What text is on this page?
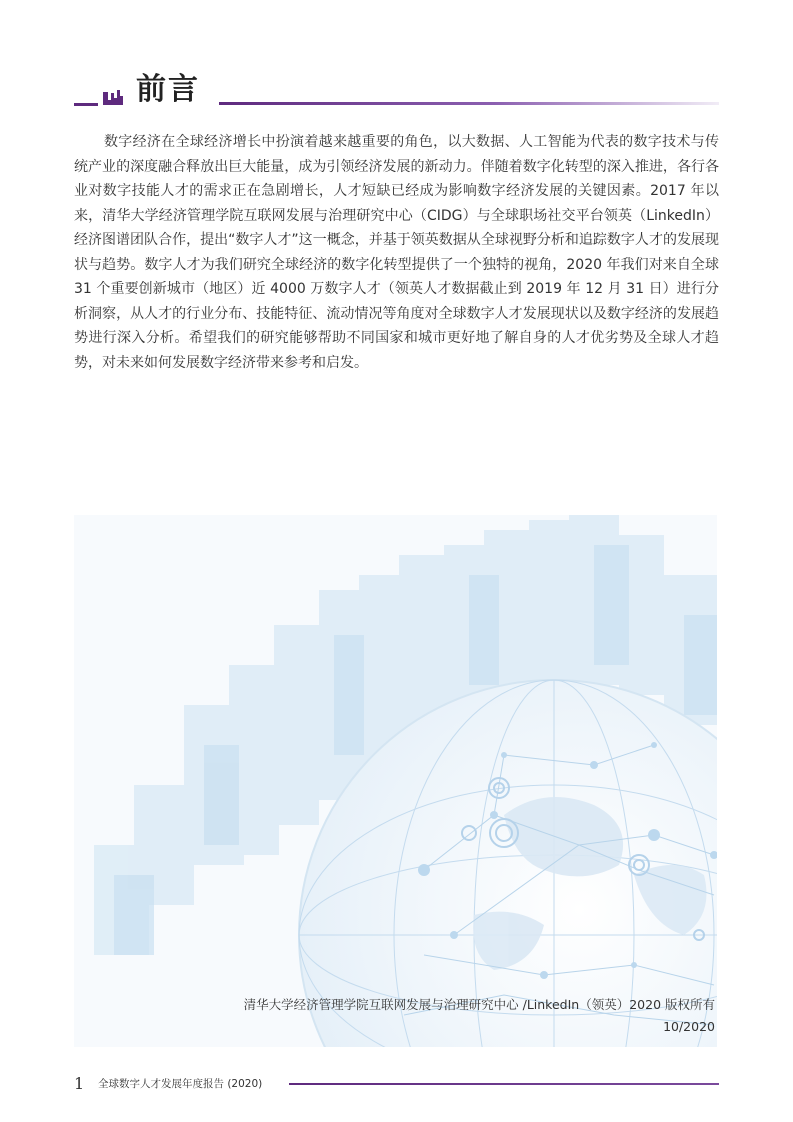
前言

数字经济在全球经济增长中扮演着越来越重要的角色，以大数据、人工智能为代表的数字技术与传统产业的深度融合释放出巨大能量，成为引领经济发展的新动力。伴随着数字化转型的深入推进，各行各业对数字技能人才的需求正在急剧增长，人才短缺已经成为影响数字经济发展的关键因素。2017 年以来，清华大学经济管理学院互联网发展与治理研究中心（CIDG）与全球职场社交平台领英（LinkedIn）经济图谱团队合作，提出“数字人才”这一概念，并基于领英数据从全球视野分析和追踪数字人才的发展现状与趋势。数字人才为我们研究全球经济的数字化转型提供了一个独特的视角，2020 年我们对来自全球 31 个重要创新城市（地区）近 4000 万数字人才（领英人才数据截止到 2019 年 12 月 31 日）进行分析洞察，从人才的行业分布、技能特征、流动情况等角度对全球数字人才发展现状以及数字经济的发展趋势进行深入分析。希望我们的研究能够帮助不同国家和城市更好地了解自身的人才优劣势及全球人才趋势，对未来如何发展数字经济带来参考和启发。

清华大学经济管理学院互联网发展与治理研究中心 /LinkedIn（领英）2020 版权所有
10/2020
1 全球数字人才发展年度报告 (2020)
